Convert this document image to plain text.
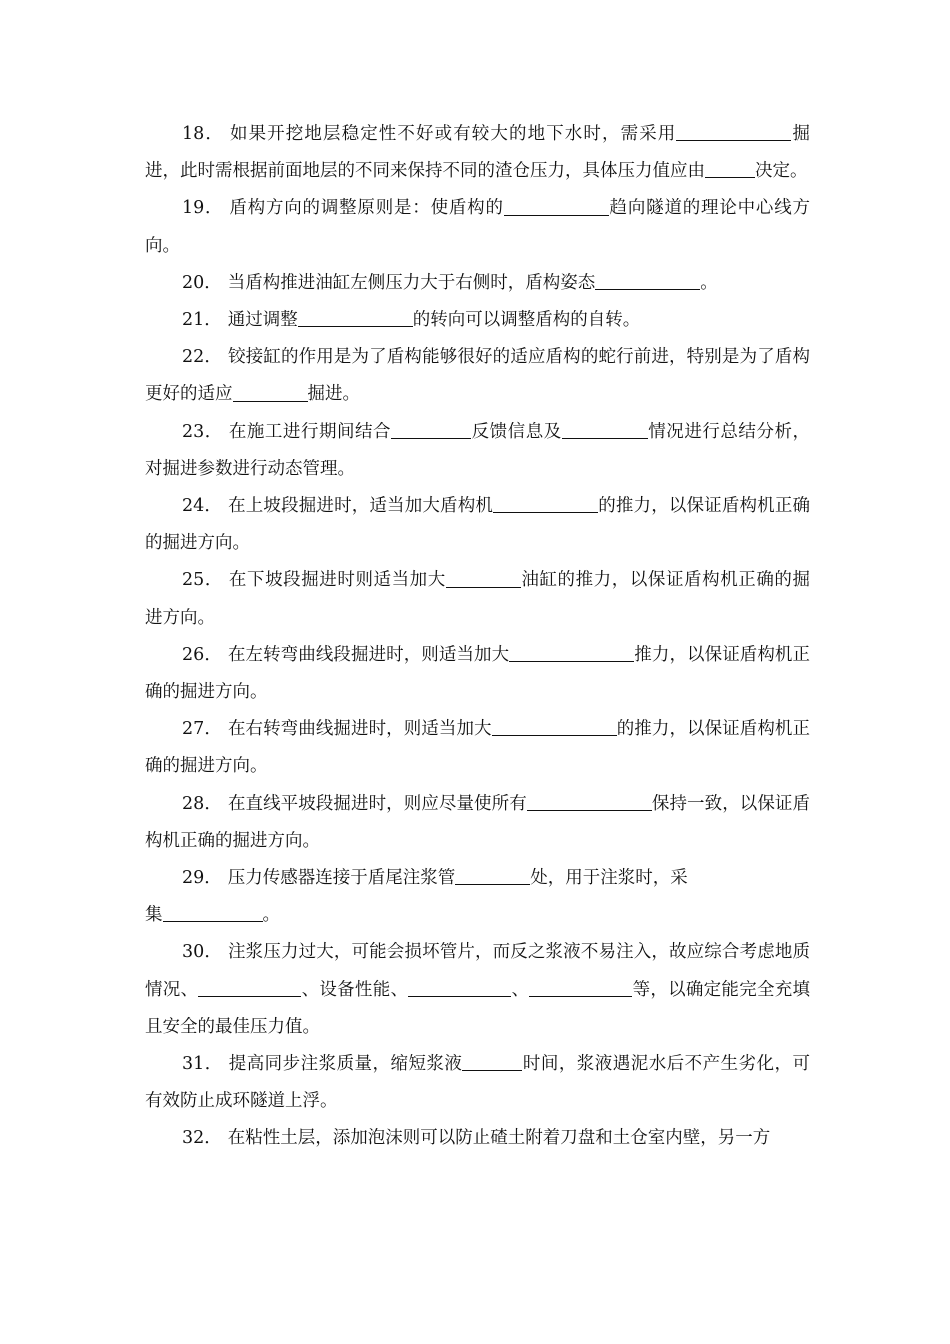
18． 如果开挖地层稳定性不好或有较大的地下水时，需采用	掘进，此时需根据前面地层的不同来保持不同的渣仓压力，具体压力值应由	决定。

19． 盾构方向的调整原则是：使盾构的	趋向隧道的理论中心线方向。

20． 当盾构推进油缸左侧压力大于右侧时，盾构姿态	。

21． 通过调整	的转向可以调整盾构的自转。

22． 铰接缸的作用是为了盾构能够很好的适应盾构的蛇行前进，特别是为了盾构更好的适应	掘进。

23． 在施工进行期间结合	反馈信息及	情况进行总结分析，对掘进参数进行动态管理。

24． 在上坡段掘进时，适当加大盾构机	的推力，以保证盾构机正确的掘进方向。

25． 在下坡段掘进时则适当加大	油缸的推力，以保证盾构机正确的掘进方向。

26． 在左转弯曲线段掘进时，则适当加大	推力，以保证盾构机正确的掘进方向。

27． 在右转弯曲线掘进时，则适当加大	的推力，以保证盾构机正确的掘进方向。

28． 在直线平坡段掘进时，则应尽量使所有	保持一致，以保证盾构机正确的掘进方向。

29． 压力传感器连接于盾尾注浆管	处，用于注浆时，采
集	。

30． 注浆压力过大，可能会损坏管片，而反之浆液不易注入，故应综合考虑地质情况、	、设备性能、	、	等，以确定能完全充填且安全的最佳压力值。

31． 提高同步注浆质量，缩短浆液	时间，浆液遇泥水后不产生劣化，可有效防止成环隧道上浮。

32． 在粘性土层，添加泡沫则可以防止碴土附着刀盘和土仓室内壁，另一方
